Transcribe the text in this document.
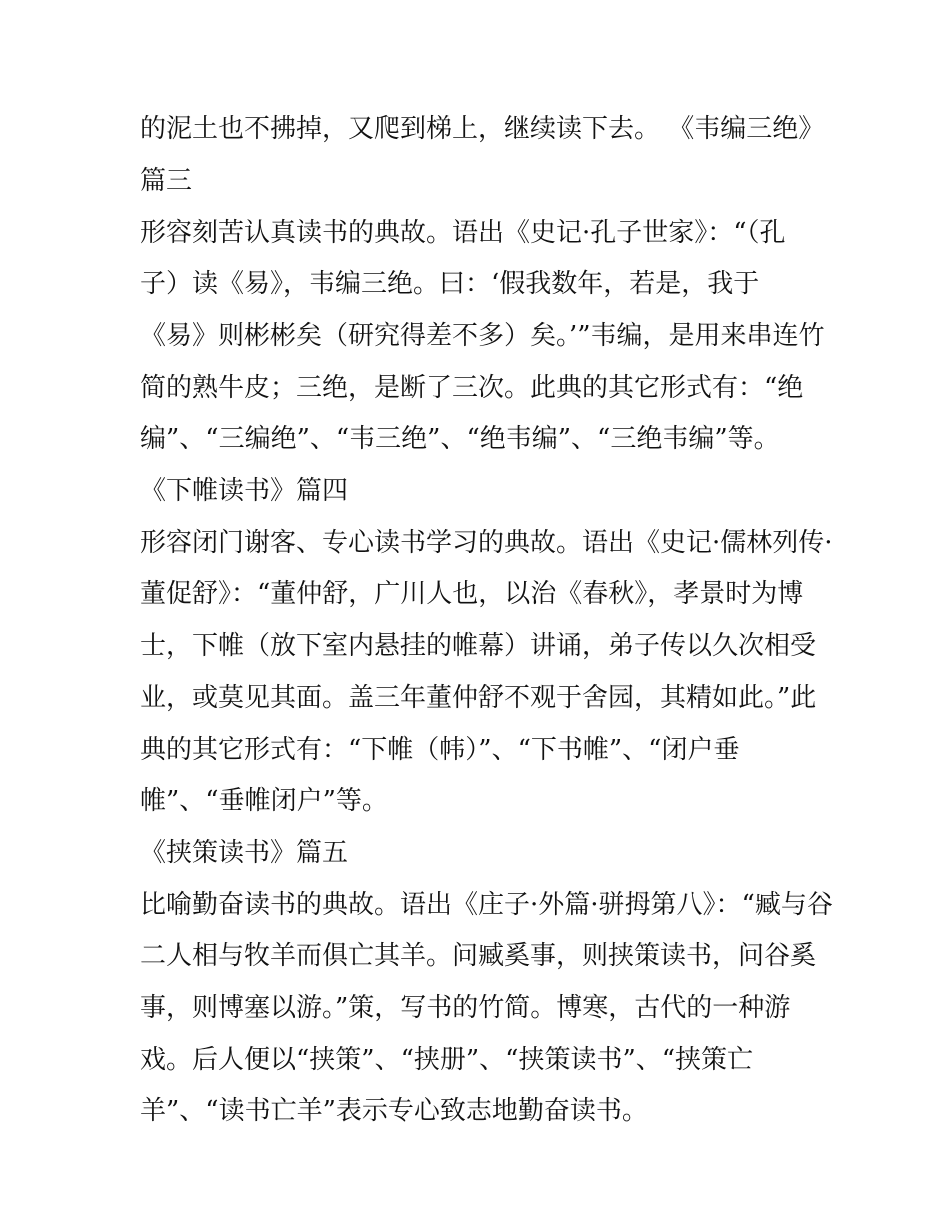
的泥土也不拂掉，又爬到梯上，继续读下去。 《韦编三绝》
篇三
形容刻苦认真读书的典故。语出《史记·孔子世家》：“（孔
子）读《易》，韦编三绝。曰：‘假我数年，若是，我于
《易》则彬彬矣（研究得差不多）矣。’”韦编，是用来串连竹
简的熟牛皮；三绝，是断了三次。此典的其它形式有：“绝
编”、“三编绝”、“韦三绝”、“绝韦编”、“三绝韦编”等。
《下帷读书》篇四
形容闭门谢客、专心读书学习的典故。语出《史记·儒林列传·
董促舒》：“董仲舒，广川人也，以治《春秋》，孝景时为博
士，下帷（放下室内悬挂的帷幕）讲诵，弟子传以久次相受
业，或莫见其面。盖三年董仲舒不观于舍园，其精如此。”此
典的其它形式有：“下帷（帏）”、“下书帷”、“闭户垂
帷”、“垂帷闭户”等。
《挟策读书》篇五
比喻勤奋读书的典故。语出《庄子·外篇·骈拇第八》：“臧与谷
二人相与牧羊而俱亡其羊。问臧奚事，则挟策读书，问谷奚
事，则博塞以游。”策，写书的竹简。博寒，古代的一种游
戏。后人便以“挟策”、“挟册”、“挟策读书”、“挟策亡
羊”、“读书亡羊”表示专心致志地勤奋读书。
